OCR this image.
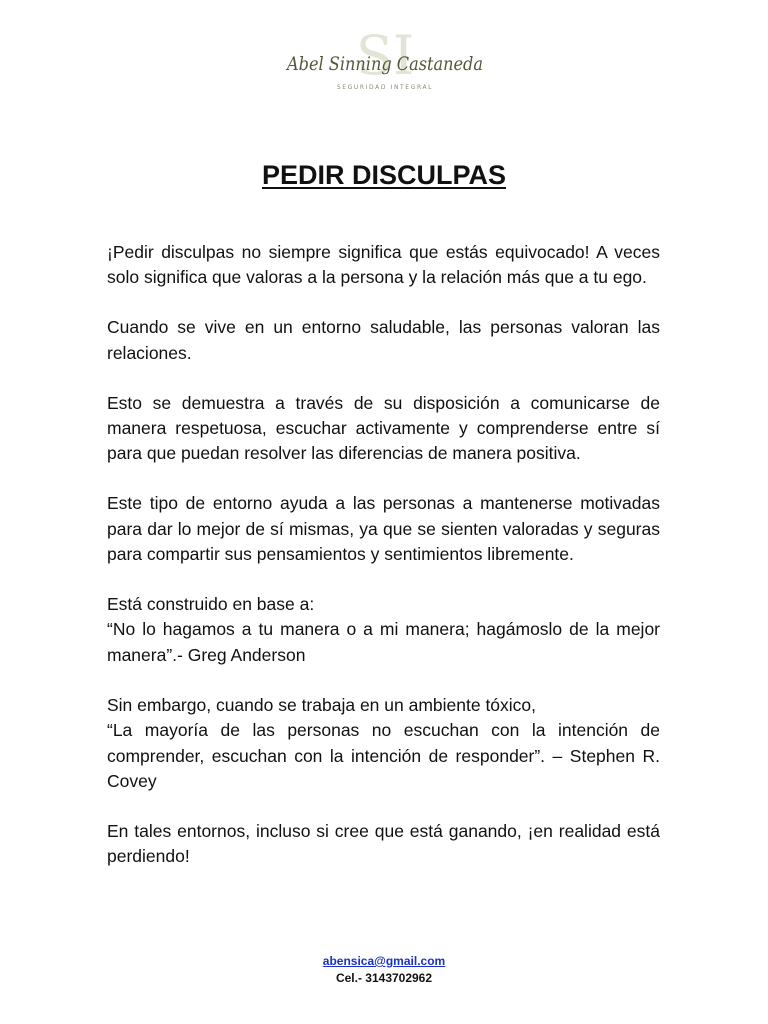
SI
Abel Sinning Castaneda
SEGURIDAD INTEGRAL
PEDIR DISCULPAS

¡Pedir disculpas no siempre significa que estás equivocado! A veces solo significa que valoras a la persona y la relación más que a tu ego.

Cuando se vive en un entorno saludable, las personas valoran las relaciones.

Esto se demuestra a través de su disposición a comunicarse de manera respetuosa, escuchar activamente y comprenderse entre sí para que puedan resolver las diferencias de manera positiva.

Este tipo de entorno ayuda a las personas a mantenerse motivadas para dar lo mejor de sí mismas, ya que se sienten valoradas y seguras para compartir sus pensamientos y sentimientos libremente.

Está construido en base a:
“No lo hagamos a tu manera o a mi manera; hagámoslo de la mejor manera”.- Greg Anderson

Sin embargo, cuando se trabaja en un ambiente tóxico,
“La mayoría de las personas no escuchan con la intención de comprender, escuchan con la intención de responder”. – Stephen R. Covey

En tales entornos, incluso si cree que está ganando, ¡en realidad está perdiendo!

abensica@gmail.com
Cel.- 3143702962
